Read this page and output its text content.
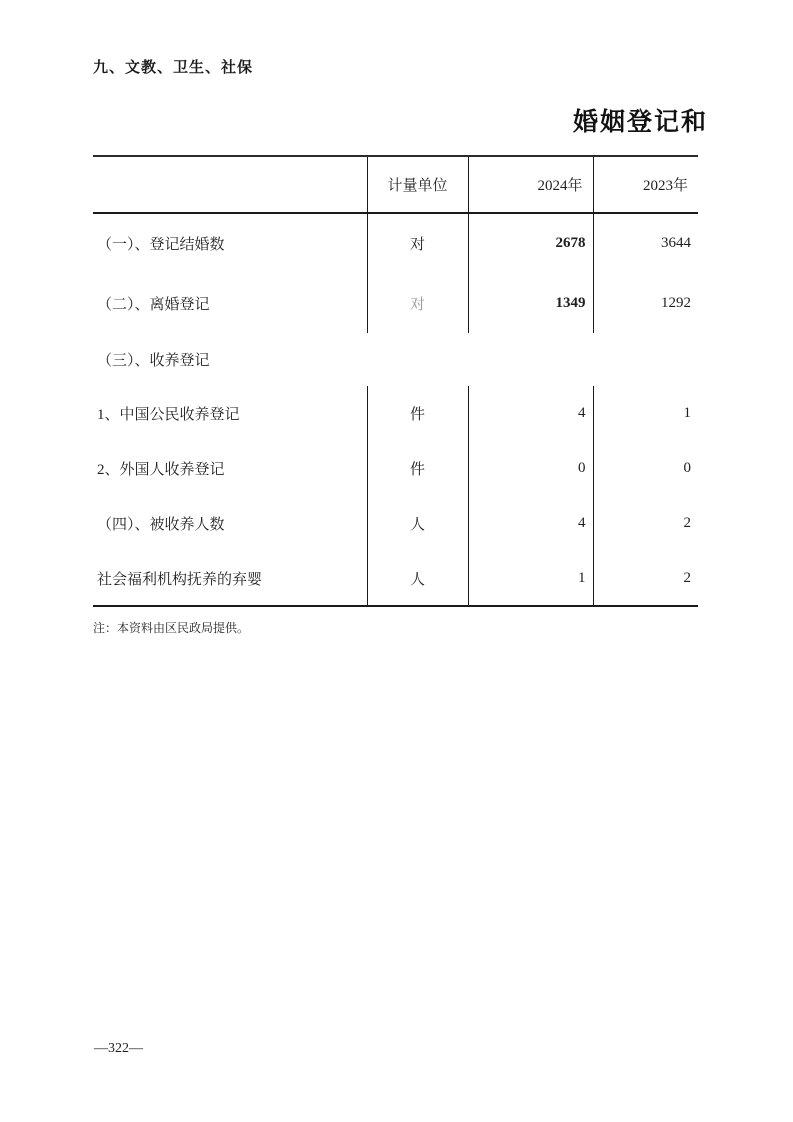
九、文教、卫生、社保
婚姻登记和
	计量单位	2024年	2023年
（一）、登记结婚数	对	2678	3644
（二）、离婚登记	对	1349	1292
（三）、收养登记			
1、中国公民收养登记	件	4	1
2、外国人收养登记	件	0	0
（四）、被收养人数	人	4	2
社会福利机构抚养的弃婴	人	1	2
注：本资料由区民政局提供。
—322—
